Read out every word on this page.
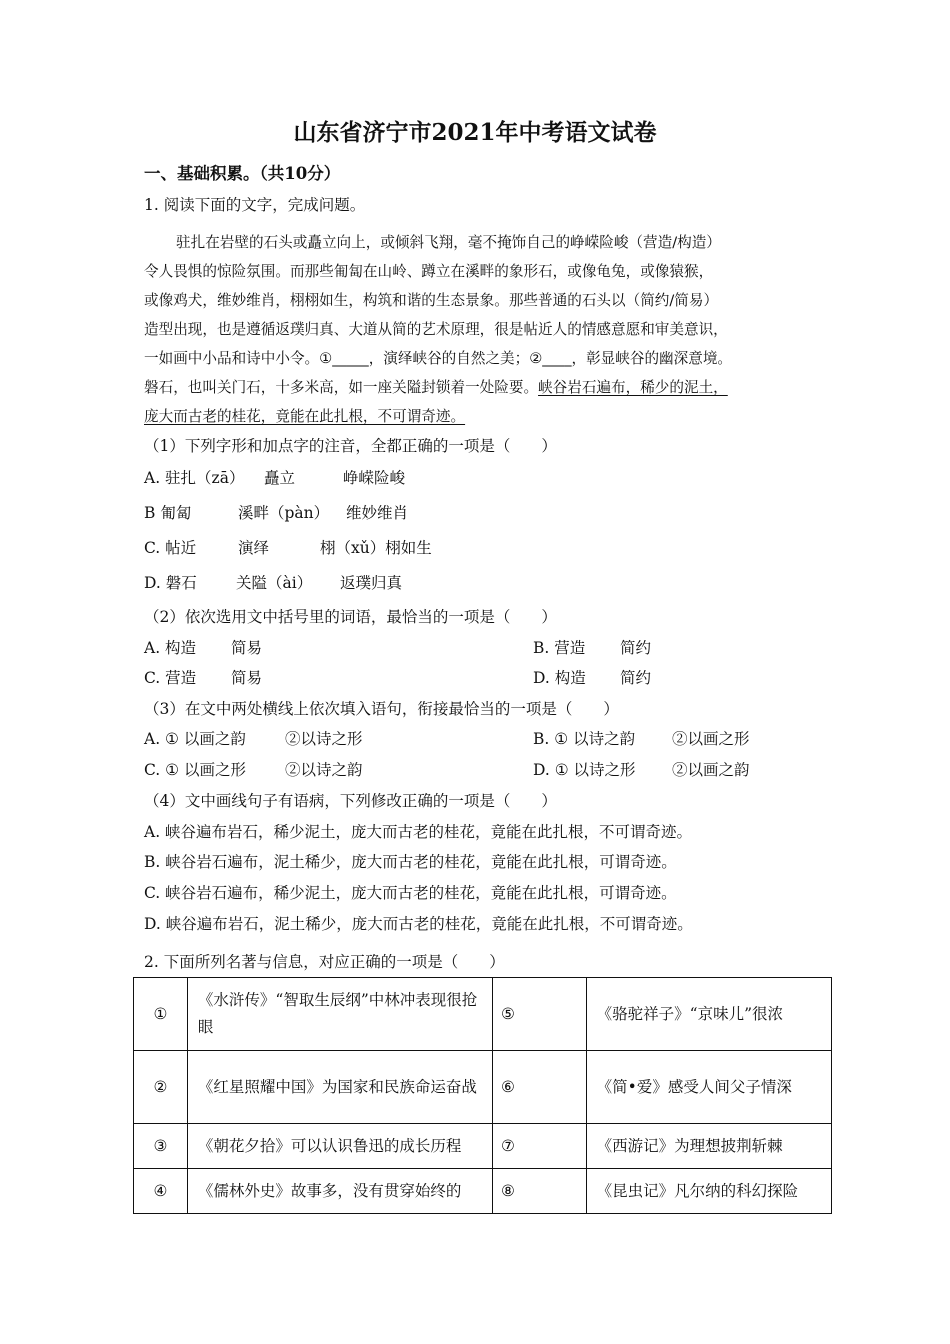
山东省济宁市2021年中考语文试卷
一、基础积累。（共10分）
1. 阅读下面的文字，完成问题。
驻扎在岩壁的石头或矗立向上，或倾斜飞翔，毫不掩饰自己的峥嵘险峻（营造/构造）
令人畏惧的惊险氛围。而那些匍匐在山岭、蹲立在溪畔的象形石，或像龟兔，或像猿猴，
或像鸡犬，维妙维肖，栩栩如生，构筑和谐的生态景象。那些普通的石头以（简约/简易）
造型出现，也是遵循返璞归真、大道从简的艺术原理，很是帖近人的情感意愿和审美意识，
一如画中小品和诗中小令。①_____，演绎峡谷的自然之美；②____，彰显峡谷的幽深意境。
磐石，也叫关门石，十多米高，如一座关隘封锁着一处险要。峡谷岩石遍布，稀少的泥土，
庞大而古老的桂花，竟能在此扎根，不可谓奇迹。
（1）下列字形和加点字的注音，全都正确的一项是（　　）
A. 驻扎（zā） 矗立	峥嵘险峻
B 匍匐	溪畔（pàn） 维妙维肖
C. 帖近	演绎	栩（xǔ）栩如生
D. 磐石	关隘（ài） 返璞归真
（2）依次选用文中括号里的词语，最恰当的一项是（　　）
A. 构造 简易	B. 营造 简约
C. 营造 简易	D. 构造 简约
（3）在文中两处横线上依次填入语句，衔接最恰当的一项是（　　）
A. ① 以画之韵	②以诗之形	B. ① 以诗之韵 ②以画之形
C. ① 以画之形	②以诗之韵	D. ① 以诗之形 ②以画之韵
（4）文中画线句子有语病，下列修改正确的一项是（　　）
A. 峡谷遍布岩石，稀少泥土，庞大而古老的桂花，竟能在此扎根，不可谓奇迹。
B. 峡谷岩石遍布，泥土稀少，庞大而古老的桂花，竟能在此扎根，可谓奇迹。
C. 峡谷岩石遍布，稀少泥土，庞大而古老的桂花，竟能在此扎根，可谓奇迹。
D. 峡谷遍布岩石，泥土稀少，庞大而古老的桂花，竟能在此扎根，不可谓奇迹。
2. 下面所列名著与信息，对应正确的一项是（　　）
①	《水浒传》“智取生辰纲”中林冲表现很抢眼	⑤	《骆驼祥子》“京味儿”很浓
②	《红星照耀中国》为国家和民族命运奋战	⑥	《简•爱》感受人间父子情深
③	《朝花夕拾》可以认识鲁迅的成长历程	⑦	《西游记》为理想披荆斩棘
④	《儒林外史》故事多，没有贯穿始终的	⑧	《昆虫记》凡尔纳的科幻探险
